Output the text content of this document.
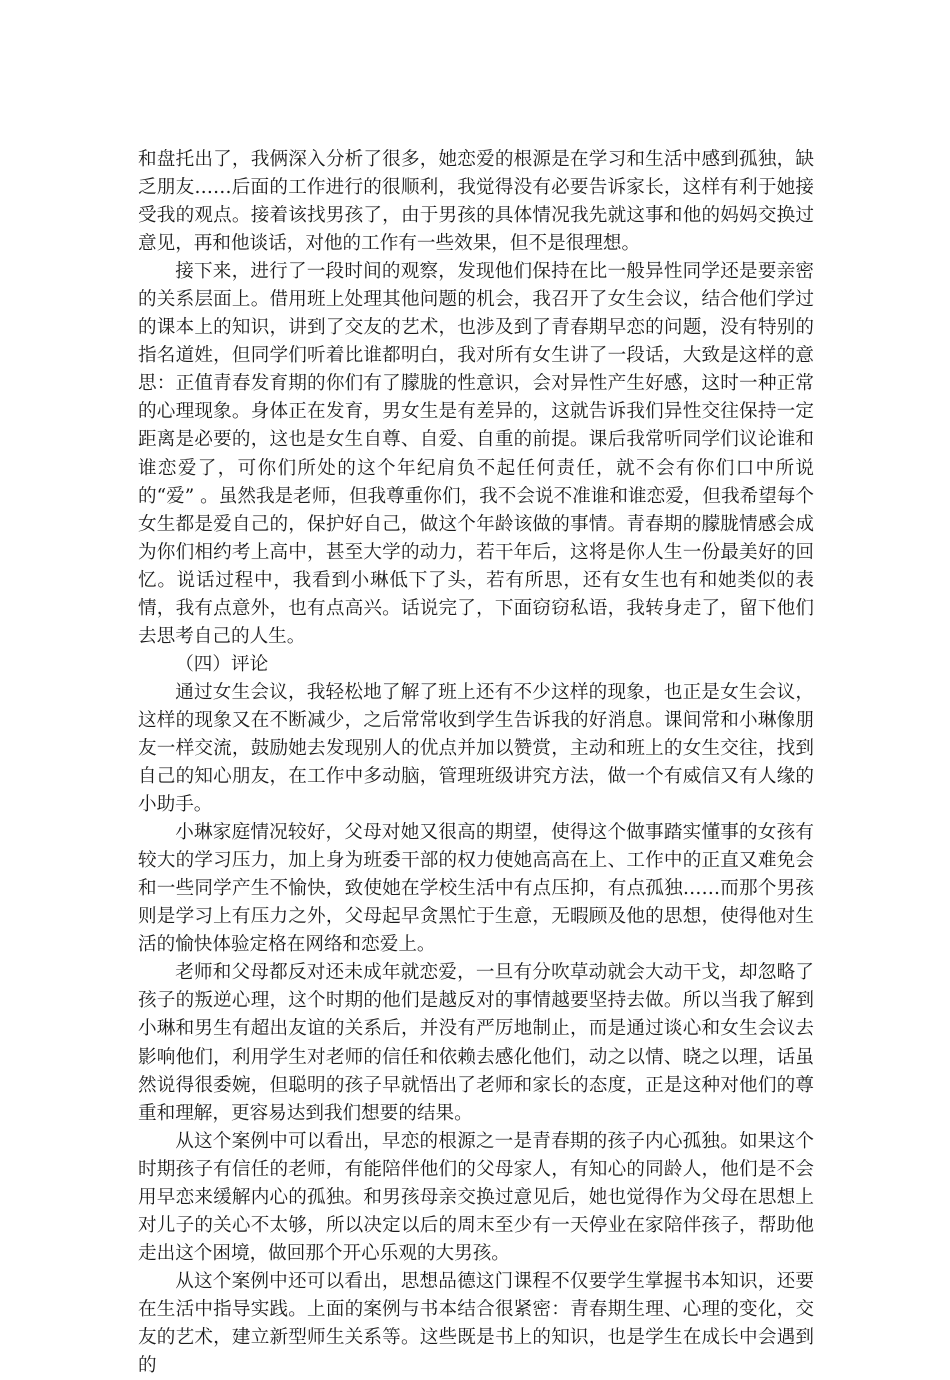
和盘托出了，我俩深入分析了很多，她恋爱的根源是在学习和生活中感到孤独，缺乏朋友……后面的工作进行的很顺利，我觉得没有必要告诉家长，这样有利于她接受我的观点。接着该找男孩了，由于男孩的具体情况我先就这事和他的妈妈交换过意见，再和他谈话，对他的工作有一些效果，但不是很理想。

接下来，进行了一段时间的观察，发现他们保持在比一般异性同学还是要亲密的关系层面上。借用班上处理其他问题的机会，我召开了女生会议，结合他们学过的课本上的知识，讲到了交友的艺术，也涉及到了青春期早恋的问题，没有特别的指名道姓，但同学们听着比谁都明白，我对所有女生讲了一段话，大致是这样的意思：正值青春发育期的你们有了朦胧的性意识，会对异性产生好感，这时一种正常的心理现象。身体正在发育，男女生是有差异的，这就告诉我们异性交往保持一定距离是必要的，这也是女生自尊、自爱、自重的前提。课后我常听同学们议论谁和谁恋爱了，可你们所处的这个年纪肩负不起任何责任，就不会有你们口中所说的“爱” 。虽然我是老师，但我尊重你们，我不会说不准谁和谁恋爱，但我希望每个女生都是爱自己的，保护好自己，做这个年龄该做的事情。青春期的朦胧情感会成为你们相约考上高中，甚至大学的动力，若干年后，这将是你人生一份最美好的回忆。说话过程中，我看到小琳低下了头，若有所思，还有女生也有和她类似的表情，我有点意外，也有点高兴。话说完了，下面窃窃私语，我转身走了，留下他们去思考自己的人生。

（四）评论

通过女生会议，我轻松地了解了班上还有不少这样的现象，也正是女生会议，这样的现象又在不断减少，之后常常收到学生告诉我的好消息。课间常和小琳像朋友一样交流，鼓励她去发现别人的优点并加以赞赏，主动和班上的女生交往，找到自己的知心朋友，在工作中多动脑，管理班级讲究方法，做一个有威信又有人缘的小助手。

小琳家庭情况较好，父母对她又很高的期望，使得这个做事踏实懂事的女孩有较大的学习压力，加上身为班委干部的权力使她高高在上、工作中的正直又难免会和一些同学产生不愉快，致使她在学校生活中有点压抑，有点孤独……而那个男孩则是学习上有压力之外，父母起早贪黑忙于生意，无暇顾及他的思想，使得他对生活的愉快体验定格在网络和恋爱上。

老师和父母都反对还未成年就恋爱，一旦有分吹草动就会大动干戈，却忽略了孩子的叛逆心理，这个时期的他们是越反对的事情越要坚持去做。所以当我了解到小琳和男生有超出友谊的关系后，并没有严厉地制止，而是通过谈心和女生会议去影响他们，利用学生对老师的信任和依赖去感化他们，动之以情、晓之以理，话虽然说得很委婉，但聪明的孩子早就悟出了老师和家长的态度，正是这种对他们的尊重和理解，更容易达到我们想要的结果。

从这个案例中可以看出，早恋的根源之一是青春期的孩子内心孤独。如果这个时期孩子有信任的老师，有能陪伴他们的父母家人，有知心的同龄人，他们是不会用早恋来缓解内心的孤独。和男孩母亲交换过意见后，她也觉得作为父母在思想上对儿子的关心不太够，所以决定以后的周末至少有一天停业在家陪伴孩子，帮助他走出这个困境，做回那个开心乐观的大男孩。

从这个案例中还可以看出，思想品德这门课程不仅要学生掌握书本知识，还要在生活中指导实践。上面的案例与书本结合很紧密：青春期生理、心理的变化，交友的艺术，建立新型师生关系等。这些既是书上的知识，也是学生在成长中会遇到的
